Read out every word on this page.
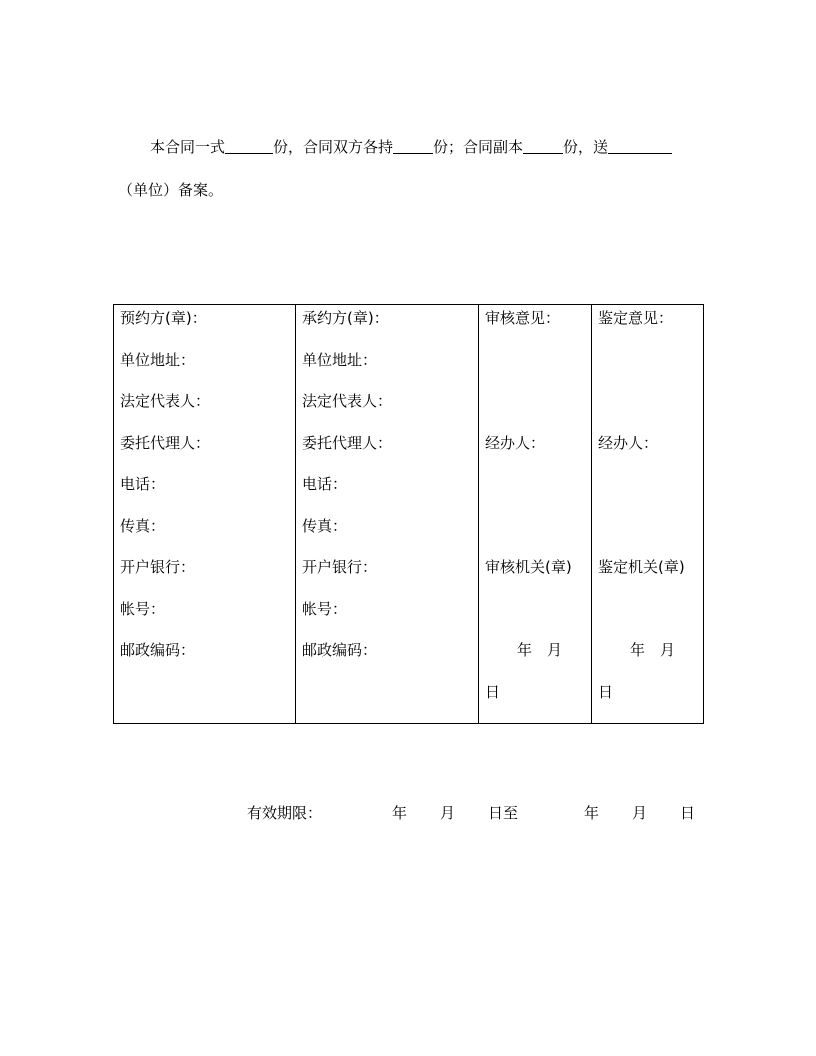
本合同一式	份，合同双方各持	份；合同副本	份，送
（单位）备案。
预约方(章)：
单位地址：
法定代表人：
委托代理人：
电话：
传真：
开户银行：
帐号：
邮政编码：

承约方(章)：
单位地址：
法定代表人：
委托代理人：
电话：
传真：
开户银行：
帐号：
邮政编码：

审核意见：
经办人：
审核机关(章)
年　月
日

鉴定意见：
经办人：
鉴定机关(章)
年　月
日
有效期限：	年 月 日至	年 月 日
